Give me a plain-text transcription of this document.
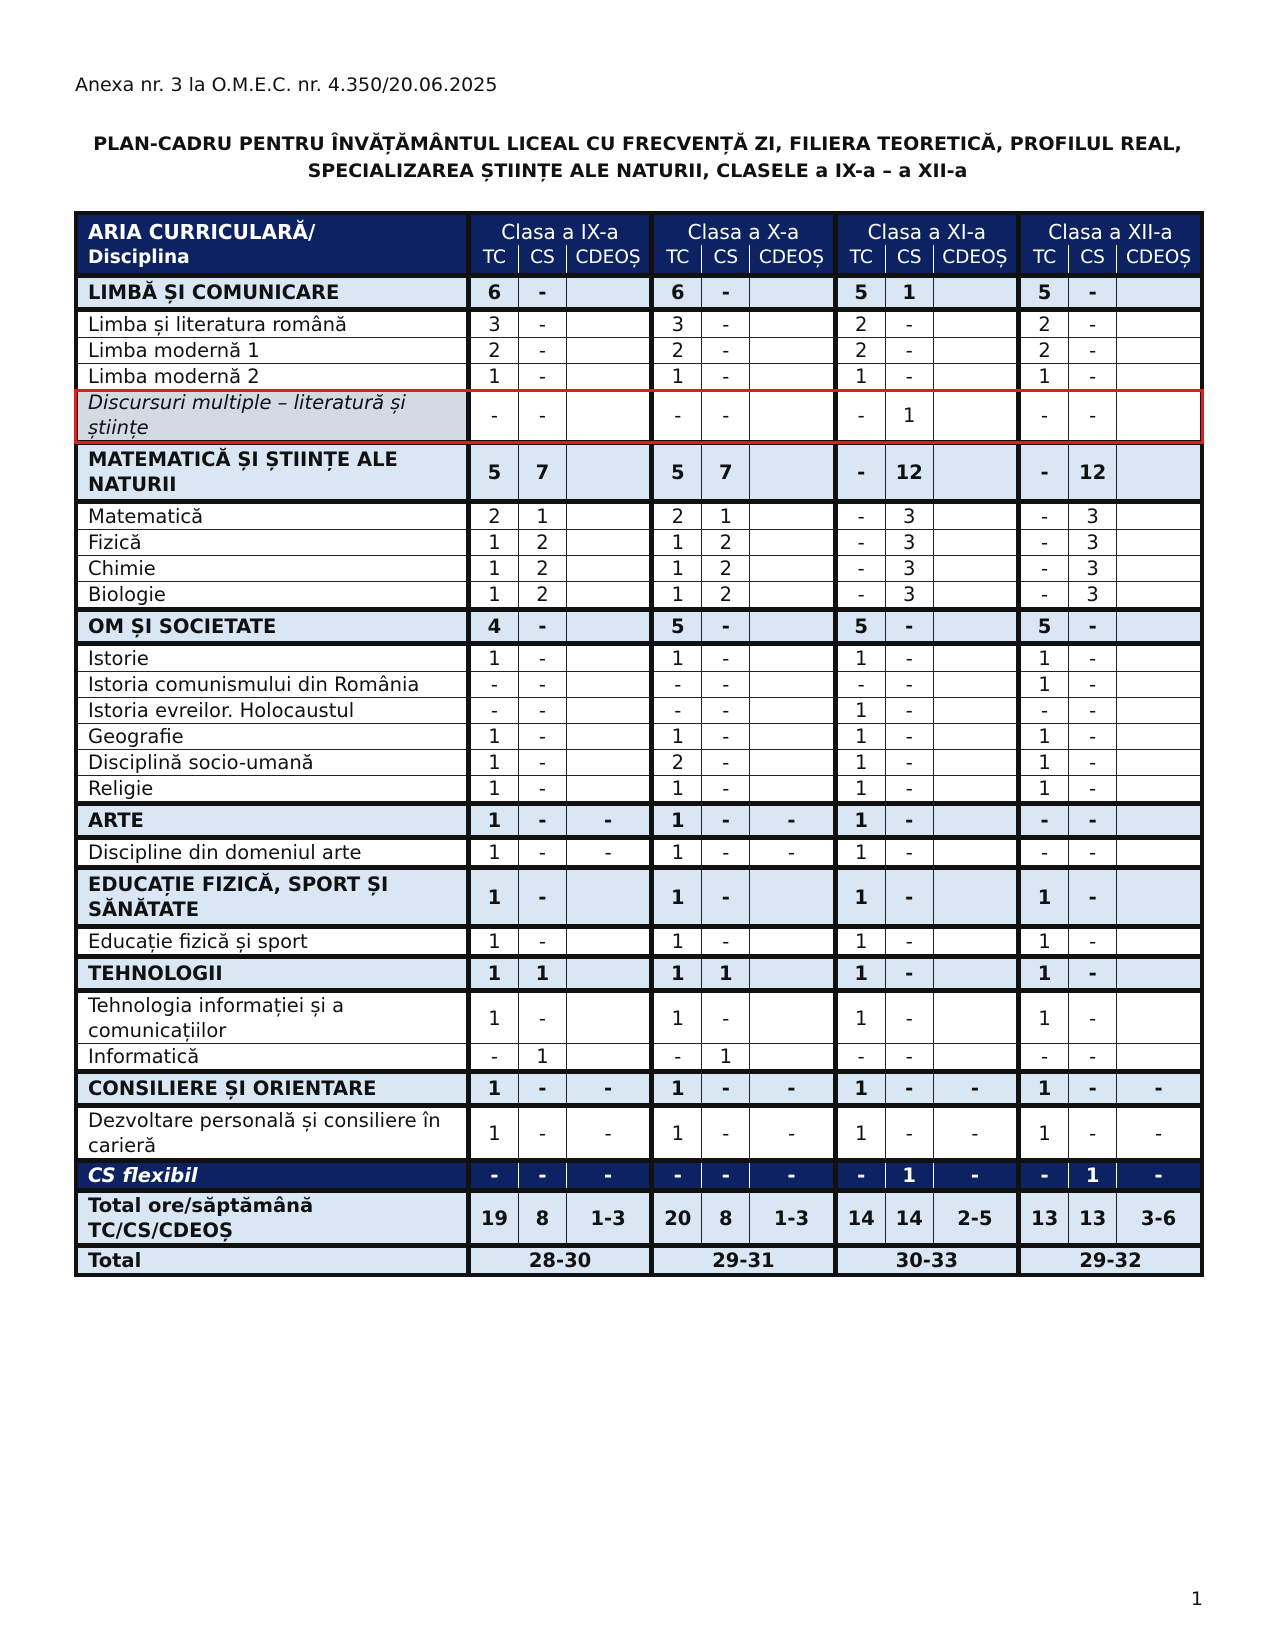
Anexa nr. 3 la O.M.E.C. nr. 4.350/20.06.2025
PLAN-CADRU PENTRU ÎNVĂȚĂMÂNTUL LICEAL CU FRECVENȚĂ ZI, FILIERA TEORETICĂ, PROFILUL REAL,
SPECIALIZAREA ȘTIINȚE ALE NATURII, CLASELE a IX-a – a XII-a
ARIA CURRICULARĂ/	Clasa a IX-a			Clasa a X-a			Clasa a XI-a			Clasa a XII-a		
Disciplina	TC	CS	CDEOȘ	TC	CS	CDEOȘ	TC	CS	CDEOȘ	TC	CS	CDEOȘ
LIMBĂ ȘI COMUNICARE	6	-		6	-		5	1		5	-	
Limba și literatura română	3	-		3	-		2	-		2	-	
Limba modernă 1	2	-		2	-		2	-		2	-	
Limba modernă 2	1	-		1	-		1	-		1	-	
Discursuri multiple – literatură și științe	-	-		-	-		-	1		-	-	
MATEMATICĂ ȘI ȘTIINȚE ALE NATURII	5	7		5	7		-	12		-	12	
Matematică	2	1		2	1		-	3		-	3	
Fizică	1	2		1	2		-	3		-	3	
Chimie	1	2		1	2		-	3		-	3	
Biologie	1	2		1	2		-	3		-	3	
OM ȘI SOCIETATE	4	-		5	-		5	-		5	-	
Istorie	1	-		1	-		1	-		1	-	
Istoria comunismului din România	-	-		-	-		-	-		1	-	
Istoria evreilor. Holocaustul	-	-		-	-		1	-		-	-	
Geografie	1	-		1	-		1	-		1	-	
Disciplină socio-umană	1	-		2	-		1	-		1	-	
Religie	1	-		1	-		1	-		1	-	
ARTE	1	-	-	1	-	-	1	-		-	-	
Discipline din domeniul arte	1	-	-	1	-	-	1	-		-	-	
EDUCAȚIE FIZICĂ, SPORT ȘI SĂNĂTATE	1	-		1	-		1	-		1	-	
Educație fizică și sport	1	-		1	-		1	-		1	-	
TEHNOLOGII	1	1		1	1		1	-		1	-	
Tehnologia informației și a comunicațiilor	1	-		1	-		1	-		1	-	
Informatică	-	1		-	1		-	-		-	-	
CONSILIERE ȘI ORIENTARE	1	-	-	1	-	-	1	-	-	1	-	-
Dezvoltare personală și consiliere în carieră	1	-	-	1	-	-	1	-	-	1	-	-
CS flexibil	-	-	-	-	-	-	-	1	-	-	1	-
Total ore/săptămână TC/CS/CDEOȘ	19	8	1-3	20	8	1-3	14	14	2-5	13	13	3-6
Total	28-30			29-31			30-33			29-32		
1
